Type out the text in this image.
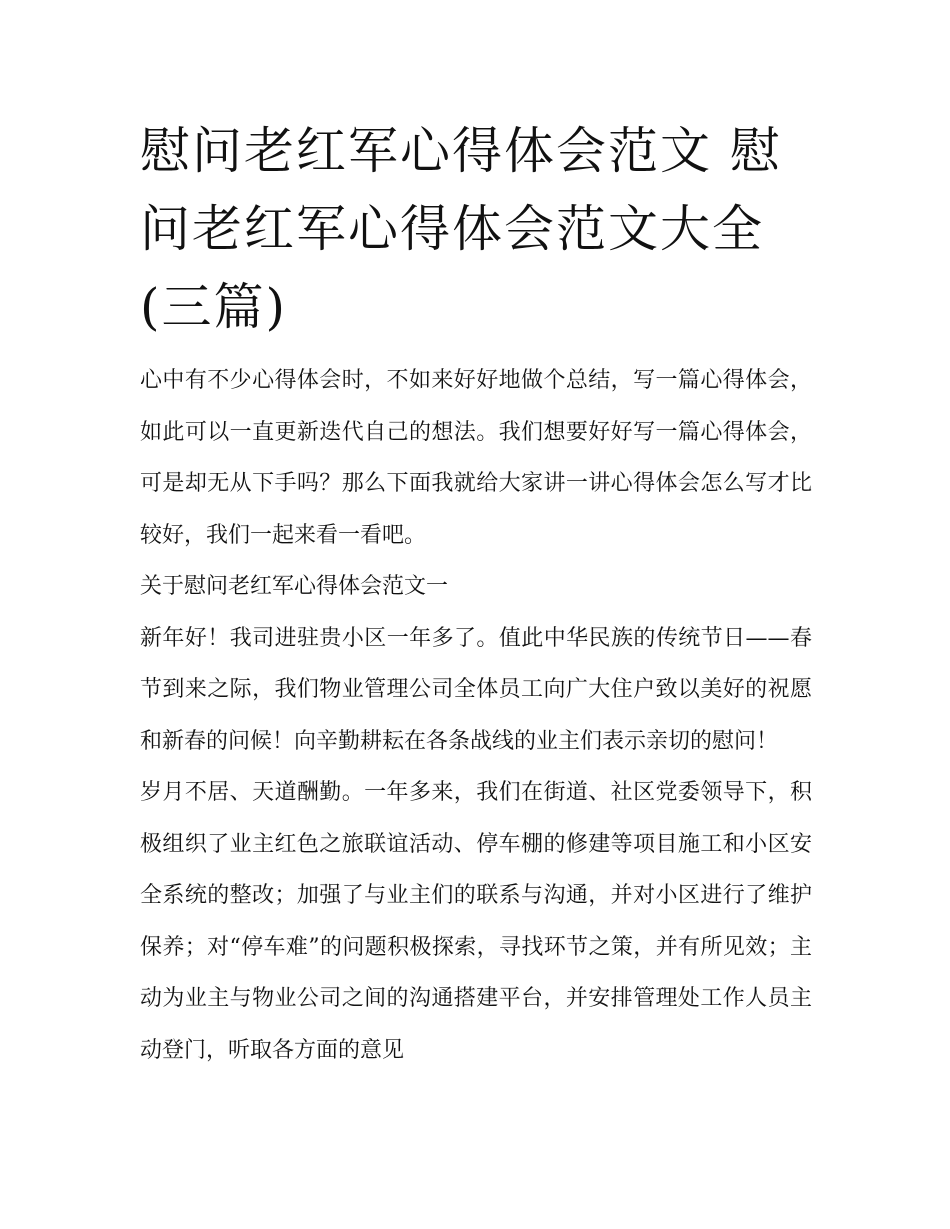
慰问老红军心得体会范文 慰问老红军心得体会范文大全(三篇)

心中有不少心得体会时，不如来好好地做个总结，写一篇心得体会，如此可以一直更新迭代自己的想法。我们想要好好写一篇心得体会，可是却无从下手吗？那么下面我就给大家讲一讲心得体会怎么写才比较好，我们一起来看一看吧。

关于慰问老红军心得体会范文一

新年好！我司进驻贵小区一年多了。值此中华民族的传统节日——春节到来之际，我们物业管理公司全体员工向广大住户致以美好的祝愿和新春的问候！向辛勤耕耘在各条战线的业主们表示亲切的慰问！

岁月不居、天道酬勤。一年多来，我们在街道、社区党委领导下，积极组织了业主红色之旅联谊活动、停车棚的修建等项目施工和小区安全系统的整改；加强了与业主们的联系与沟通，并对小区进行了维护保养；对“停车难”的问题积极探索，寻找环节之策，并有所见效；主动为业主与物业公司之间的沟通搭建平台，并安排管理处工作人员主动登门，听取各方面的意见
